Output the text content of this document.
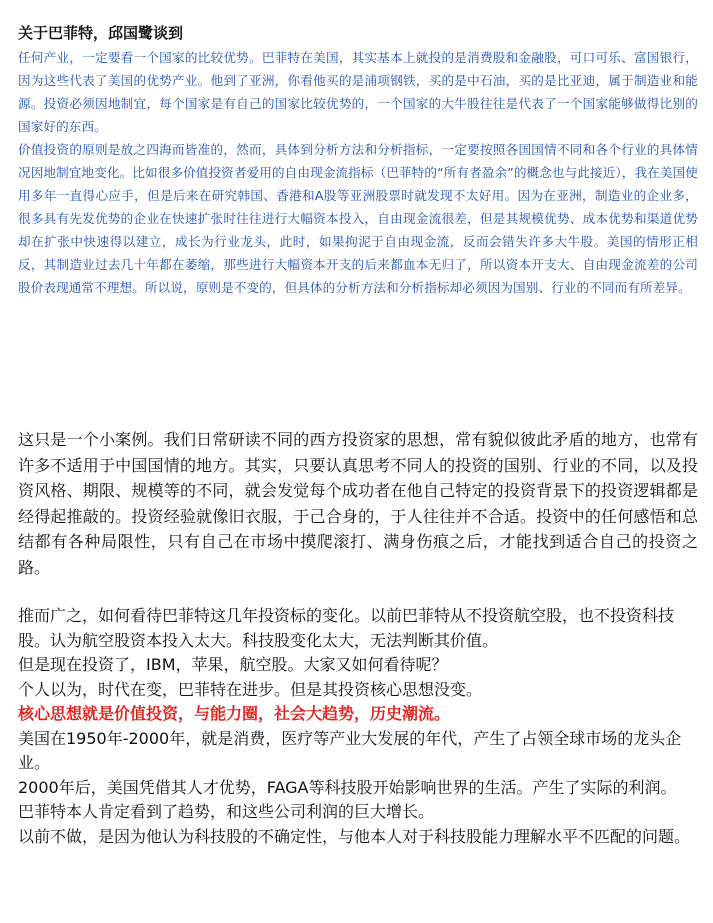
关于巴菲特，邱国鹭谈到

任何产业，一定要看一个国家的比较优势。巴菲特在美国，其实基本上就投的是消费股和金融股，可口可乐、富国银行，因为这些代表了美国的优势产业。他到了亚洲，你看他买的是浦项钢铁，买的是中石油，买的是比亚迪，属于制造业和能源。投资必须因地制宜，每个国家是有自己的国家比较优势的，一个国家的大牛股往往是代表了一个国家能够做得比别的国家好的东西。

价值投资的原则是放之四海而皆准的，然而，具体到分析方法和分析指标，一定要按照各国国情不同和各个行业的具体情况因地制宜地变化。比如很多价值投资者爱用的自由现金流指标（巴菲特的“所有者盈余”的概念也与此接近），我在美国使用多年一直得心应手，但是后来在研究韩国、香港和A股等亚洲股票时就发现不太好用。因为在亚洲，制造业的企业多，很多具有先发优势的企业在快速扩张时往往进行大幅资本投入，自由现金流很差，但是其规模优势、成本优势和渠道优势却在扩张中快速得以建立，成长为行业龙头，此时，如果拘泥于自由现金流，反而会错失许多大牛股。美国的情形正相反，其制造业过去几十年都在萎缩，那些进行大幅资本开支的后来都血本无归了，所以资本开支大、自由现金流差的公司股价表现通常不理想。所以说，原则是不变的，但具体的分析方法和分析指标却必须因为国别、行业的不同而有所差异。

这只是一个小案例。我们日常研读不同的西方投资家的思想，常有貌似彼此矛盾的地方，也常有许多不适用于中国国情的地方。其实，只要认真思考不同人的投资的国别、行业的不同，以及投资风格、期限、规模等的不同，就会发觉每个成功者在他自己特定的投资背景下的投资逻辑都是经得起推敲的。投资经验就像旧衣服，于己合身的，于人往往并不合适。投资中的任何感悟和总结都有各种局限性，只有自己在市场中摸爬滚打、满身伤痕之后，才能找到适合自己的投资之路。

推而广之，如何看待巴菲特这几年投资标的变化。以前巴菲特从不投资航空股，也不投资科技股。认为航空股资本投入太大。科技股变化太大，无法判断其价值。

但是现在投资了，IBM，苹果，航空股。大家又如何看待呢？

个人以为，时代在变，巴菲特在进步。但是其投资核心思想没变。

核心思想就是价值投资，与能力圈，社会大趋势，历史潮流。

美国在1950年-2000年，就是消费，医疗等产业大发展的年代，产生了占领全球市场的龙头企业。

2000年后，美国凭借其人才优势，FAGA等科技股开始影响世界的生活。产生了实际的利润。

巴菲特本人肯定看到了趋势，和这些公司利润的巨大增长。

以前不做，是因为他认为科技股的不确定性，与他本人对于科技股能力理解水平不匹配的问题。
